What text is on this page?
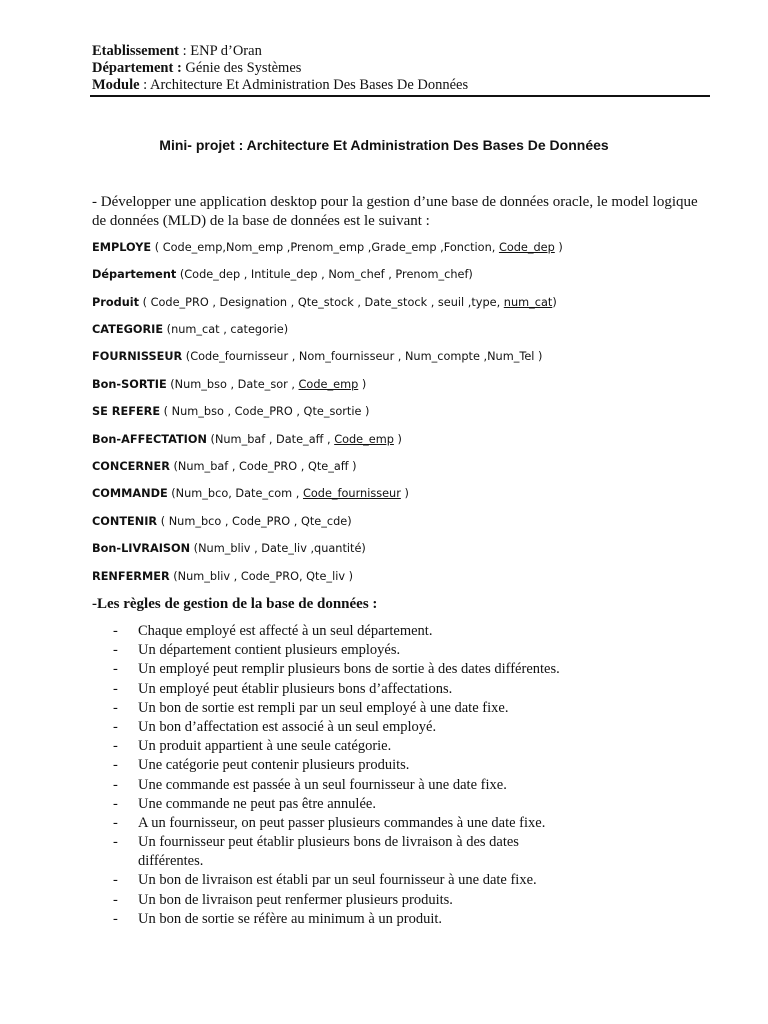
Etablissement : ENP d’Oran
Département : Génie des Systèmes
Module : Architecture Et Administration Des Bases De Données
Mini- projet : Architecture Et Administration Des Bases De Données
- Développer une application desktop pour la gestion d’une base de données oracle, le model logique de données (MLD) de la base de données est le suivant :
EMPLOYE ( Code_emp,Nom_emp ,Prenom_emp ,Grade_emp ,Fonction, Code_dep )
Département (Code_dep , Intitule_dep , Nom_chef , Prenom_chef)
Produit ( Code_PRO , Designation , Qte_stock , Date_stock , seuil ,type, num_cat)
CATEGORIE (num_cat , categorie)
FOURNISSEUR (Code_fournisseur , Nom_fournisseur , Num_compte ,Num_Tel )
Bon-SORTIE (Num_bso , Date_sor , Code_emp )
SE REFERE ( Num_bso , Code_PRO , Qte_sortie )
Bon-AFFECTATION (Num_baf , Date_aff , Code_emp )
CONCERNER (Num_baf , Code_PRO , Qte_aff )
COMMANDE (Num_bco, Date_com , Code_fournisseur )
CONTENIR ( Num_bco , Code_PRO , Qte_cde)
Bon-LIVRAISON (Num_bliv , Date_liv ,quantité)
RENFERMER (Num_bliv , Code_PRO, Qte_liv )
-Les règles de gestion de la base de données :
- Chaque employé est affecté à un seul département.
- Un département contient plusieurs employés.
- Un employé peut remplir plusieurs bons de sortie à des dates différentes.
- Un employé peut établir plusieurs bons d’affectations.
- Un bon de sortie est rempli par un seul employé à une date fixe.
- Un bon d’affectation est associé à un seul employé.
- Un produit appartient à une seule catégorie.
- Une catégorie peut contenir plusieurs produits.
- Une commande est passée à un seul fournisseur à une date fixe.
- Une commande ne peut pas être annulée.
- A un fournisseur, on peut passer plusieurs commandes à une date fixe.
- Un fournisseur peut établir plusieurs bons de livraison à des dates
différentes.
- Un bon de livraison est établi par un seul fournisseur à une date fixe.
- Un bon de livraison peut renfermer plusieurs produits.
- Un bon de sortie se réfère au minimum à un produit.
